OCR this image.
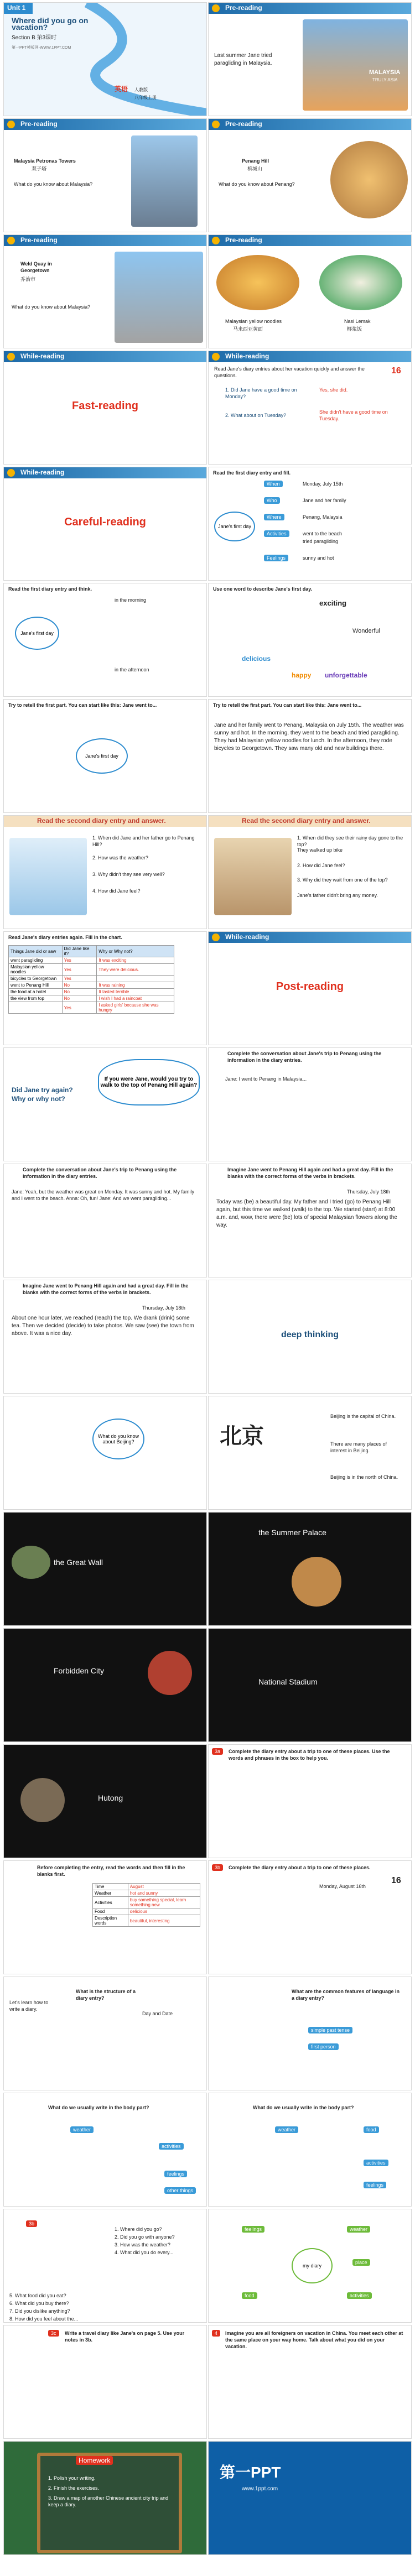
Unit 1
Where did you go on vacation?
Section B 第3课时
第一PPT模板网-WWW.1PPT.COM
英语 人教版
八年级上册
Pre-reading
Last summer Jane tried
paragliding in Malaysia.
MALAYSIA
TRULY ASIA
Pre-reading
Malaysia Petronas Towers
双子塔
What do you know about Malaysia?
Pre-reading
Penang Hill
槟城山
What do you know about Penang?
Pre-reading
Weld Quay in Georgetown
乔治市
What do you know about Malaysia?
Pre-reading
Malaysian yellow noodles
马来西亚黄面
Nasi Lemak
椰浆饭
While-reading
Fast-reading
While-reading
Read Jane's diary entries about her vacation quickly and answer the questions.
1. Did Jane have a good time on Monday?
Yes, she did.
2. What about on Tuesday?
She didn't have a good time on Tuesday.
16
While-reading
Careful-reading
Read the first diary entry and fill.
Jane's first day
When	Monday, July 15th
Who	Jane and her family
Where	Penang, Malaysia
Activities	went to the beach
tried paragliding
Feelings	sunny and hot
Read the first diary entry and think.
Jane's first day
in the morning
in the afternoon
Use one word to describe Jane's first day.
exciting
delicious
happy unforgettable
Wonderful
Try to retell the first part. You can start like this: Jane went to...
Jane's first day
Try to retell the first part. You can start like this: Jane went to...
Jane and her family went to Penang, Malaysia on July 15th. The weather was sunny and hot. In the morning, they went to the beach and tried paragliding. They had Malaysian yellow noodles for lunch. In the afternoon, they rode bicycles to Georgetown. They saw many old and new buildings there.
Read the second diary entry and answer.
1. When did Jane and her father go to Penang Hill?
2. How was the weather?
3. Why didn't they see very well?
4. How did Jane feel?
Read the second diary entry and answer.
1. When did they see their rainy day gone to the top?
They walked up bike
2. How did Jane feel?
3. Why did they wait from one of the top?
Jane's father didn't bring any money.
Read Jane's diary entries again. Fill in the chart.
Things Jane did or saw	Did Jane like it?	Why or Why not?
went paragliding	Yes	It was exciting
Malaysian yellow noodles	Yes	They were delicious.
bicycles to Georgetown	Yes	
went to Penang Hill	No	It was raining
the food at a hotel	No	It tasted terrible
the view from top	No	I wish I had a raincoat
	Yes	I asked girls' because she was hungry
While-reading
Post-reading
Did Jane try again?
Why or why not?
If you were Jane, would you try to walk to the top of Penang Hill again?
Complete the conversation about Jane's trip to Penang using the information in the diary entries.
Jane: I went to Penang in Malaysia...
Complete the conversation about Jane's trip to Penang using the information in the diary entries.
Jane: Yeah, but the weather was great on Monday. It was sunny and hot. My family and I went to the beach. Anna: Oh, fun! Jane: And we went paragliding...
Imagine Jane went to Penang Hill again and had a great day. Fill in the blanks with the correct forms of the verbs in brackets.
Thursday, July 18th
Today was (be) a beautiful day. My father and I tried (go) to Penang Hill again, but this time we walked (walk) to the top. We started (start) at 8:00 a.m. and, wow, there were (be) lots of special Malaysian flowers along the way.
Imagine Jane went to Penang Hill again and had a great day. Fill in the blanks with the correct forms of the verbs in brackets.
Thursday, July 18th
About one hour later, we reached (reach) the top. We drank (drink) some tea. Then we decided (decide) to take photos. We saw (see) the town from above. It was a nice day.	deep thinking
What do you know about Beijing?	北京
Beijing is the capital of China.
There are many places of interest in Beijing.
Beijing is in the north of China.
the Great Wall
the Summer Palace
Forbidden City
National Stadium
Hutong
3a	Complete the diary entry about a trip to one of these places. Use the words and phrases in the box to help you.
Before completing the entry, read the words and then fill in the blanks first.
Time	August
Weather	hot and sunny
Activities	buy something special, learn something new
Food	delicious
Description words	beautiful, interesting
3b	Complete the diary entry about a trip to one of these places.
Monday, August 16th
16
Let's learn how to write a diary.
What is the structure of a diary entry?
Day and Date
What are the common features of language in a diary entry?
simple past tense
first person
What do we usually write in the body part?
weather
activities
feelings
other things
What do we usually write in the body part?
weather	food
activities
feelings
3b
1. Where did you go?
2. Did you go with anyone?
3. How was the weather?
4. What did you do every...
5. What food did you eat?
6. What did you buy there?
7. Did you dislike anything?
8. How did you feel about the...
my diary
feelings
activities
food
weather
place
3c	Write a travel diary like Jane's on page 5. Use your notes in 3b.
4	Imagine you are all foreigners on vacation in China. You meet each other at the same place on your way home. Talk about what you did on your vacation.
Homework
1. Polish your writing.
2. Finish the exercises.
3. Draw a map of another Chinese ancient city trip and keep a diary.
第一PPT
www.1ppt.com
